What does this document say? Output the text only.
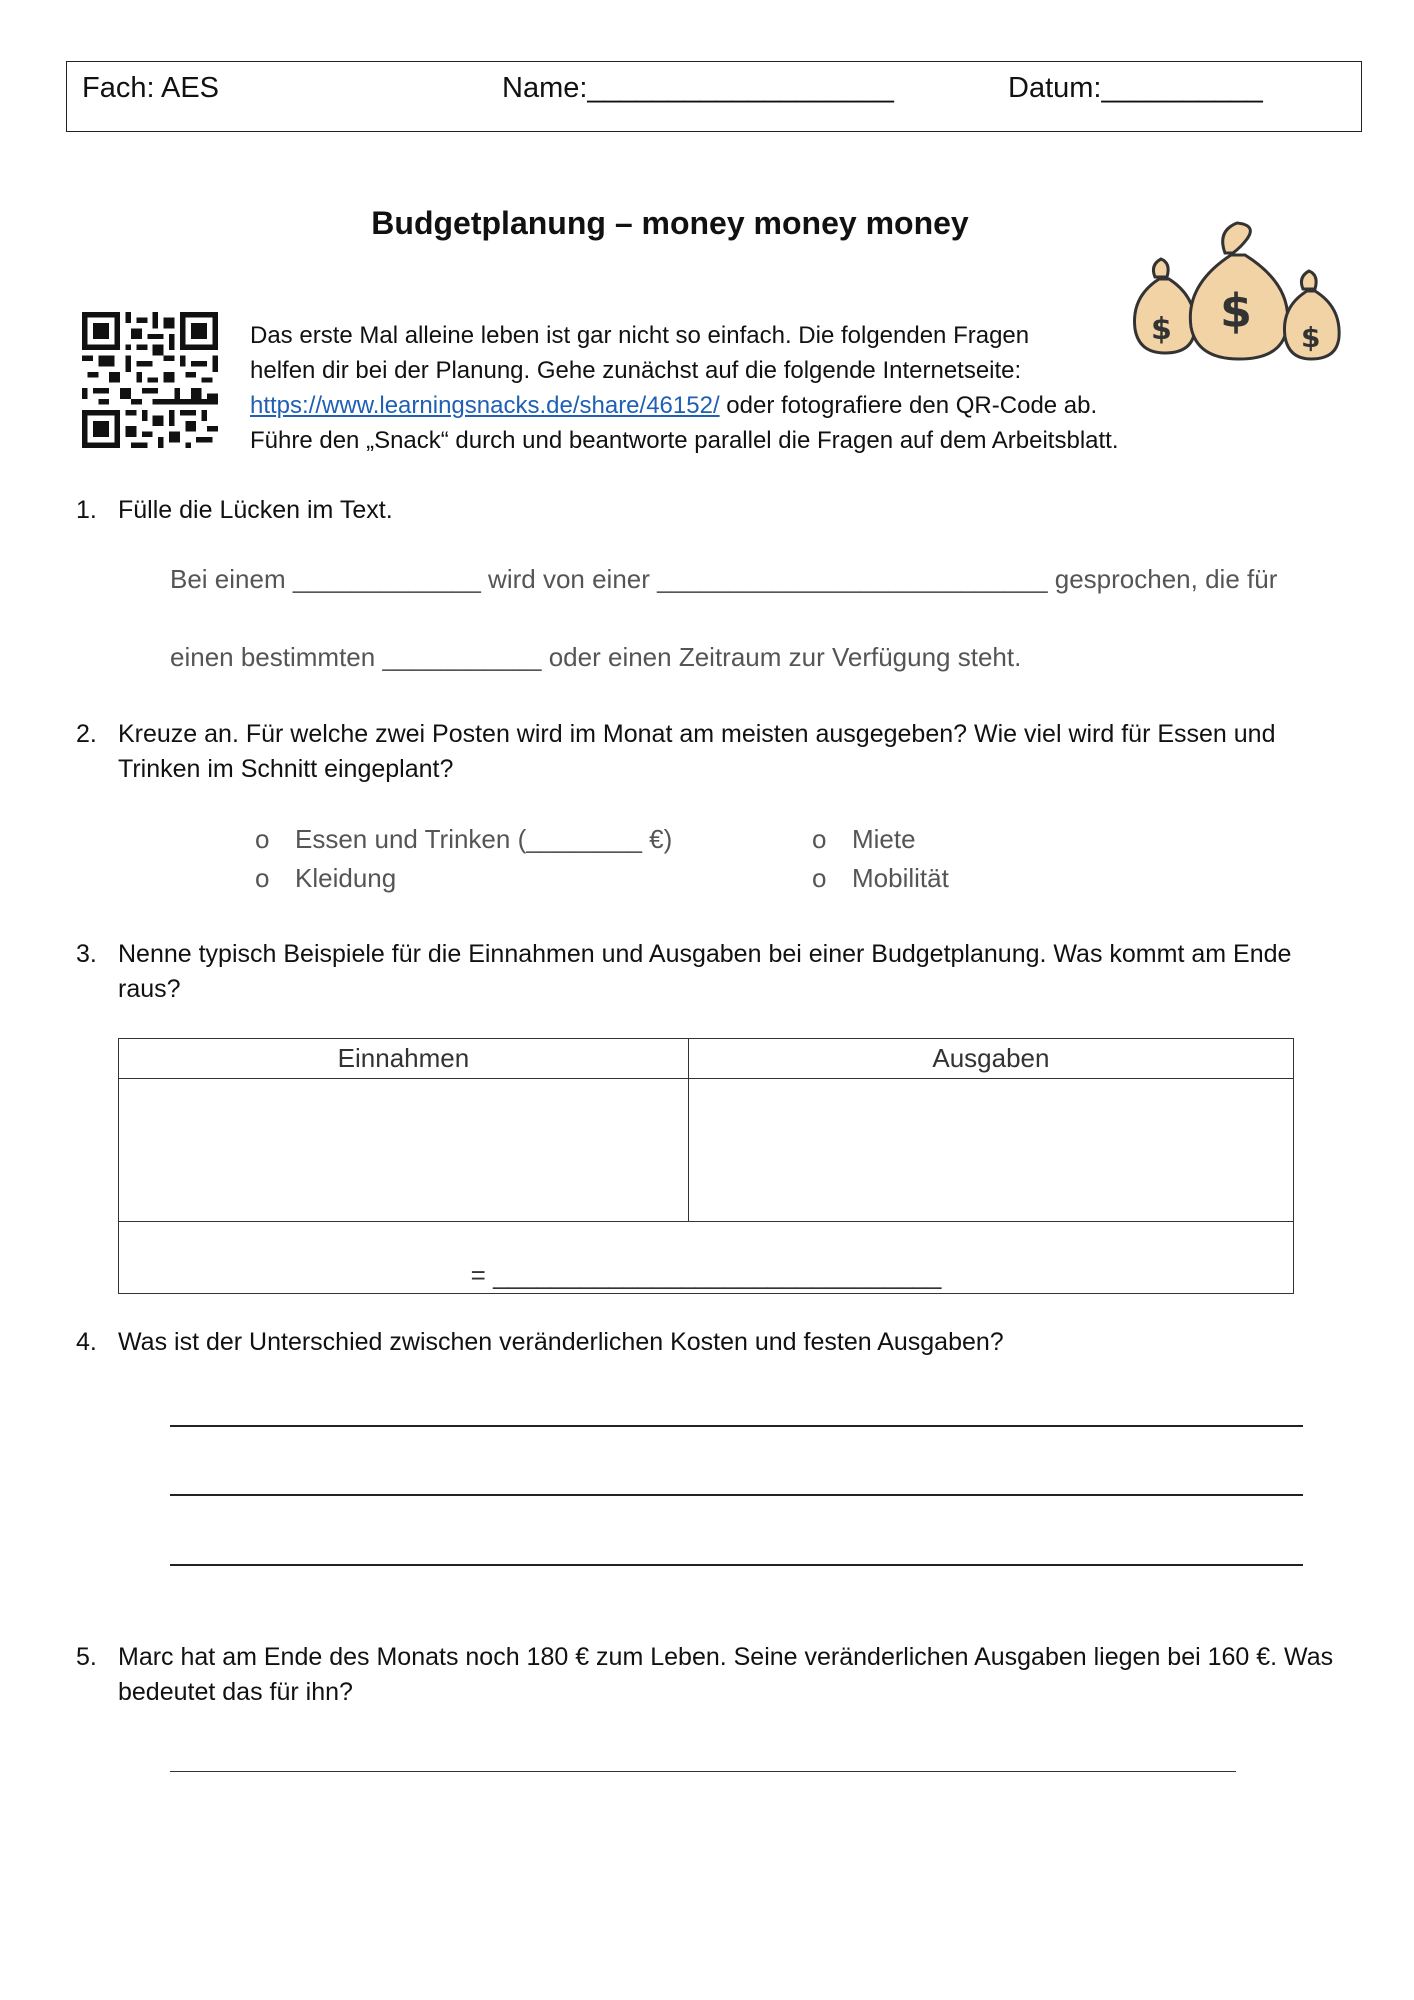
Fach: AES	Name:___________________	Datum:__________
Budgetplanung – money money money
$ $ $

Das erste Mal alleine leben ist gar nicht so einfach. Die folgenden Fragen

helfen dir bei der Planung. Gehe zunächst auf die folgende Internetseite:

https://www.learningsnacks.de/share/46152/ oder fotografiere den QR-Code ab.

Führe den „Snack“ durch und beantworte parallel die Fragen auf dem Arbeitsblatt.

1. Fülle die Lücken im Text.
Bei einem _____________ wird von einer ___________________________ gesprochen, die für
einen bestimmten ___________ oder einen Zeitraum zur Verfügung steht.
2. Kreuze an. Für welche zwei Posten wird im Monat am meisten ausgegeben? Wie viel wird für Essen und Trinken im Schnitt eingeplant?
o Essen und Trinken (________ €)	o Miete
o Kleidung	o Mobilität
3. Nenne typisch Beispiele für die Einnahmen und Ausgaben bei einer Budgetplanung. Was kommt am Ende raus?
Einnahmen	Ausgaben

= _______________________________	
4. Was ist der Unterschied zwischen veränderlichen Kosten und festen Ausgaben?
5. Marc hat am Ende des Monats noch 180 € zum Leben. Seine veränderlichen Ausgaben liegen bei 160 €. Was bedeutet das für ihn?
